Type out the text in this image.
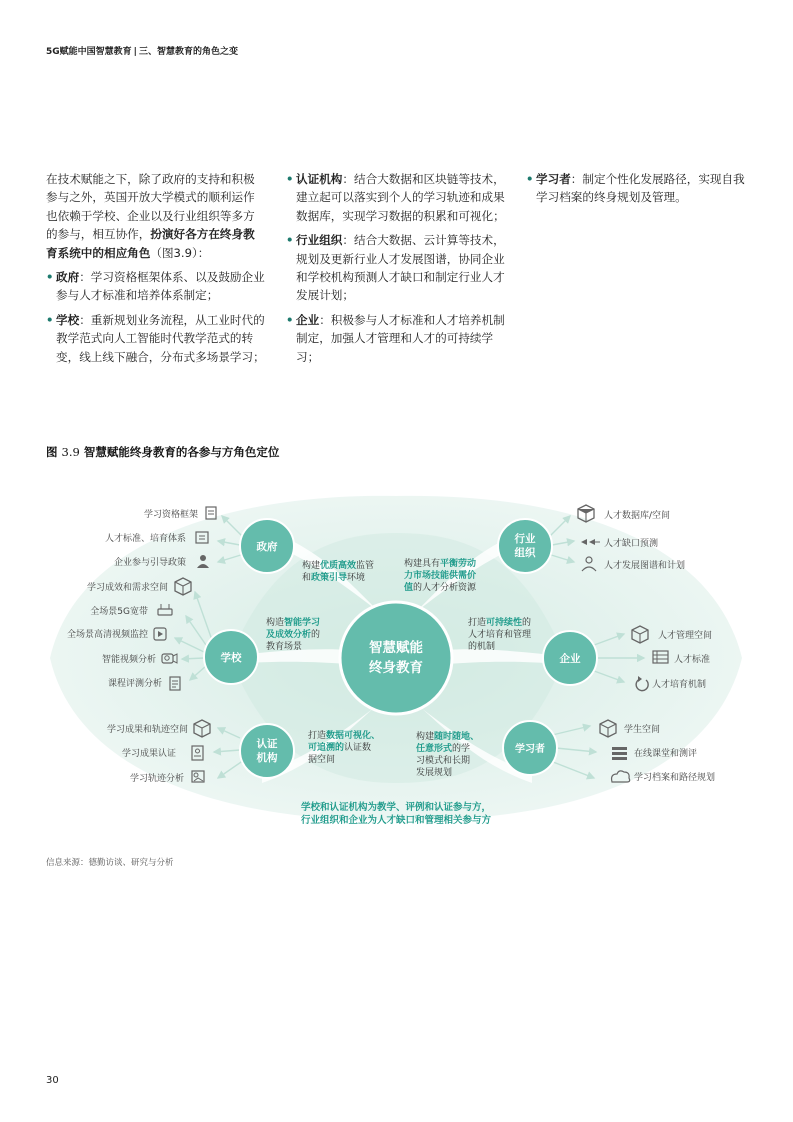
5G赋能中国智慧教育 | 三、智慧教育的角色之变

在技术赋能之下，除了政府的支持和积极参与之外，英国开放大学模式的顺利运作也依赖于学校、企业以及行业组织等多方的参与，相互协作，扮演好各方在终身教育系统中的相应角色（图3.9）：

• 政府：学习资格框架体系、以及鼓励企业参与人才标准和培养体系制定；
• 学校：重新规划业务流程，从工业时代的教学范式向人工智能时代教学范式的转变，线上线下融合，分布式多场景学习；
• 认证机构：结合大数据和区块链等技术，建立起可以落实到个人的学习轨迹和成果数据库，实现学习数据的积累和可视化；
• 行业组织：结合大数据、云计算等技术，规划及更新行业人才发展图谱，协同企业和学校机构预测人才缺口和制定行业人才发展计划；
• 企业：积极参与人才标准和人才培养机制制定，加强人才管理和人才的可持续学习；
• 学习者：制定个性化发展路径，实现自我学习档案的终身规划及管理。
图 3.9 智慧赋能终身教育的各参与方角色定位
智慧赋能
终身教育
政府
学校
认证
机构
行业
组织
企业
学习者
构建优质高效监管
和政策引导环境
构造智能学习
及成效分析的
教育场景
打造数据可视化、
可追溯的认证数
据空间
构建具有平衡劳动
力市场技能供需价
值的人才分析资源
打造可持续性的
人才培育和管理
的机制
构建随时随地、
任意形式的学
习模式和长期
发展规划
学习资格框架
人才标准、培育体系
企业参与引导政策
学习成效和需求空间
全场景5G宽带
全场景高清视频监控
智能视频分析
课程评测分析
学习成果和轨迹空间
学习成果认证
学习轨迹分析
人才数据库/空间
人才缺口预测
人才发展图谱和计划
人才管理空间
人才标准
人才培育机制
学生空间
在线课堂和测评
学习档案和路径规划
学校和认证机构为教学、评例和认证参与方，
行业组织和企业为人才缺口和管理相关参与方
信息来源：德勤访谈、研究与分析
30
